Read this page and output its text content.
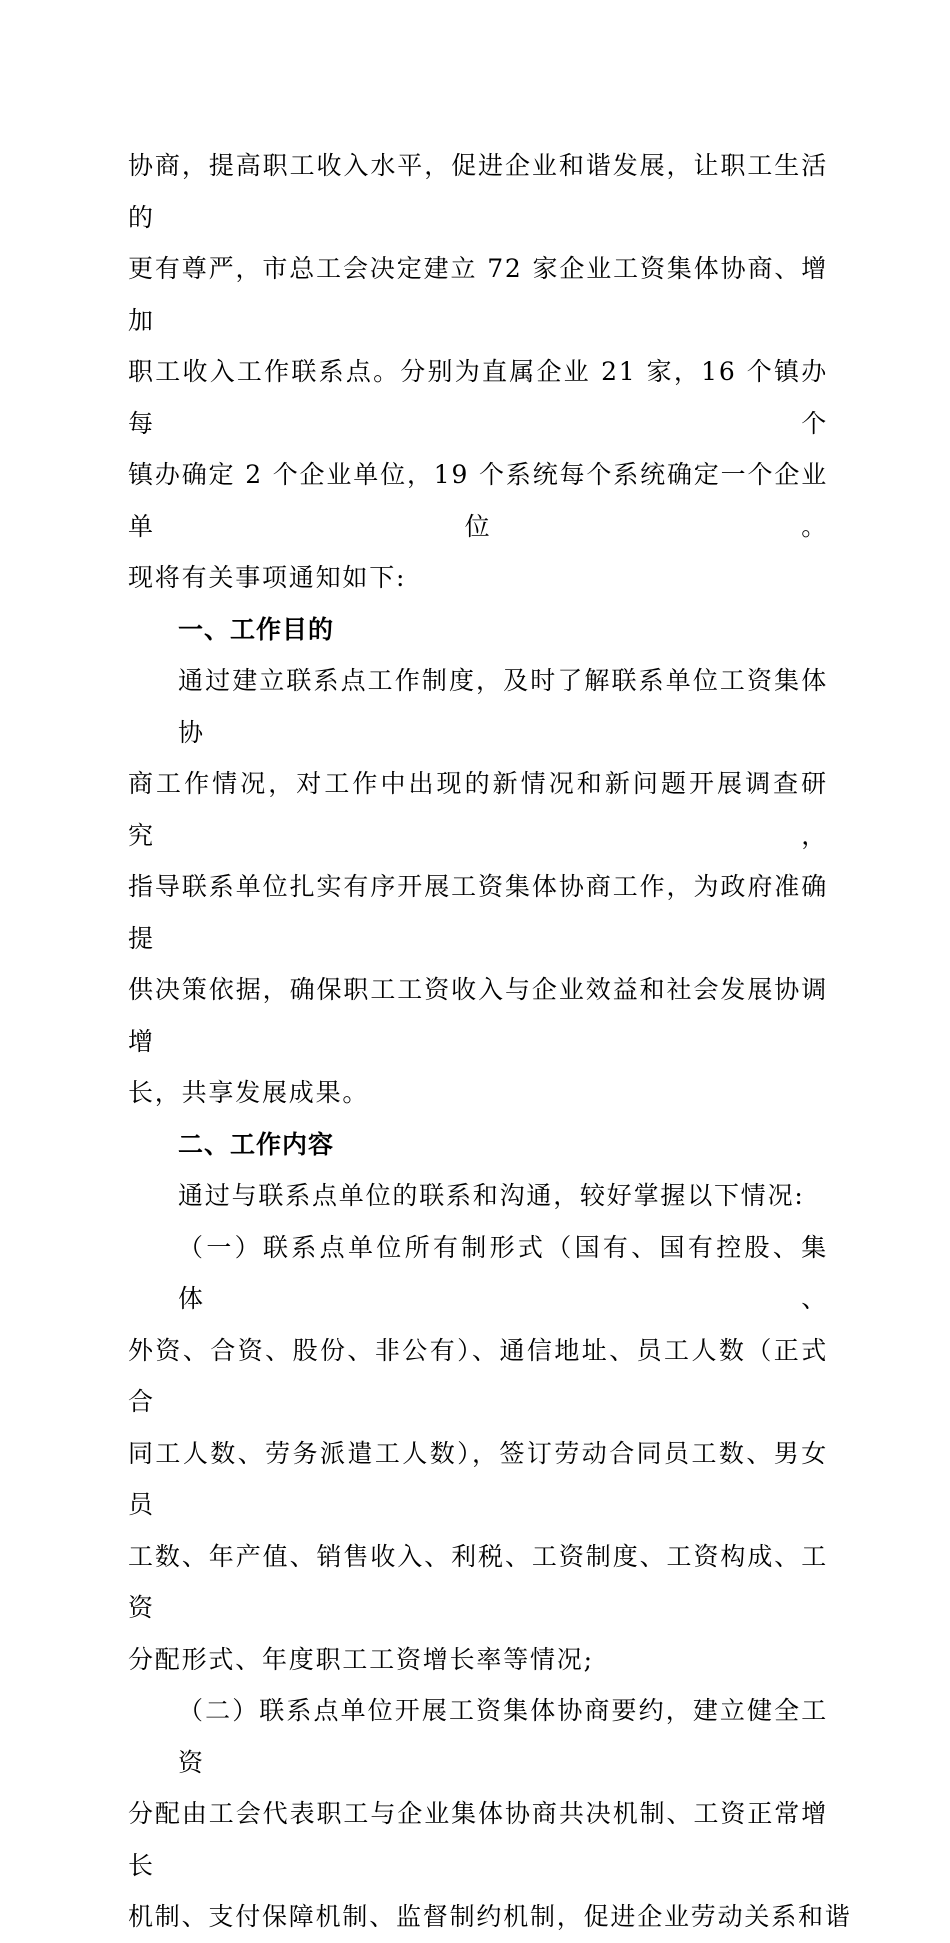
协商，提高职工收入水平，促进企业和谐发展，让职工生活的
更有尊严，市总工会决定建立 72 家企业工资集体协商、增加
职工收入工作联系点。分别为直属企业 21 家，16 个镇办每个
镇办确定 2 个企业单位，19 个系统每个系统确定一个企业单位。
现将有关事项通知如下:
一、工作目的
通过建立联系点工作制度，及时了解联系单位工资集体协
商工作情况，对工作中出现的新情况和新问题开展调查研究，
指导联系单位扎实有序开展工资集体协商工作，为政府准确提
供决策依据，确保职工工资收入与企业效益和社会发展协调增
长，共享发展成果。
二、工作内容
通过与联系点单位的联系和沟通，较好掌握以下情况:
（一）联系点单位所有制形式（国有、国有控股、集体、
外资、合资、股份、非公有）、通信地址、员工人数（正式合
同工人数、劳务派遣工人数），签订劳动合同员工数、男女员
工数、年产值、销售收入、利税、工资制度、工资构成、工资
分配形式、年度职工工资增长率等情况;
（二）联系点单位开展工资集体协商要约，建立健全工资
分配由工会代表职工与企业集体协商共决机制、工资正常增长
机制、支付保障机制、监督制约机制，促进企业劳动关系和谐
